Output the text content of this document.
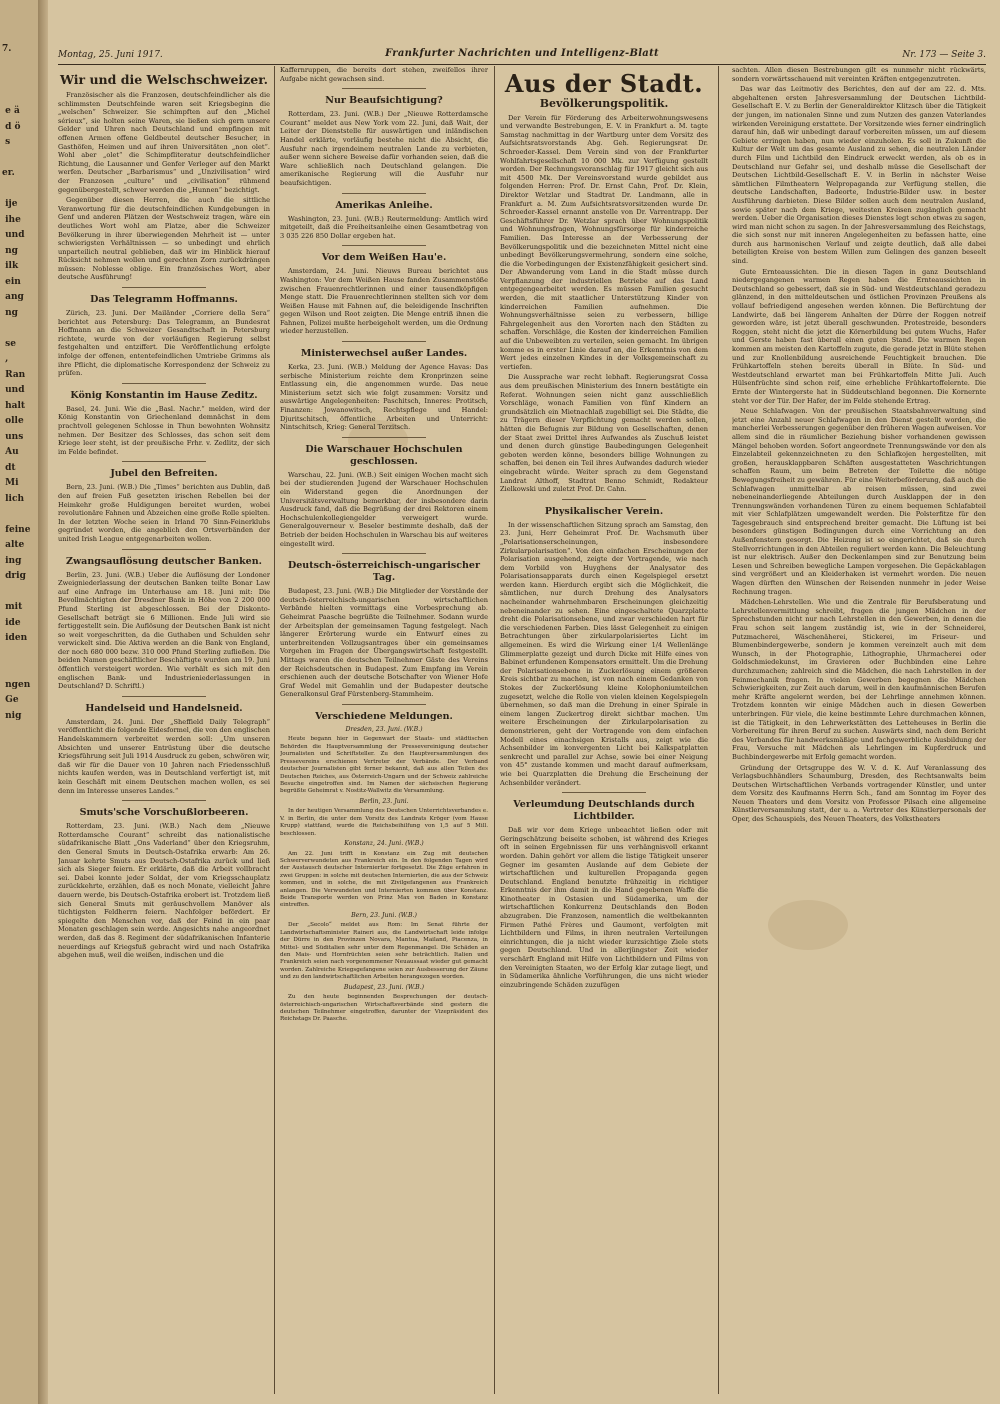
7.

e ä
d ö
s

er.

ije
ihe
und
ng
ilk
ein
ang
ng

se
,
Ran
und
halt
olle
uns
Au
dt
Mi
lich

feine
alte
ing
drig

mit
ide
iden

ngen
Ge
nig

Montag, 25. Juni 1917.	Frankfurter Nachrichten und Intelligenz-Blatt	Nr. 173 — Seite 3.
Wir und die Welschschweizer.

Französischer als die Franzosen, deutschfeindlicher als die schlimmsten Deutschfeinde waren seit Kriegsbeginn die „welschen“ Schweizer. Sie schimpften auf den „Michel sérieux“, sie holten seine Waren, sie ließen sich gern unsere Gelder und Uhren nach Deutschland und empfingen mit offenen Armen offene Geldbeutel deutscher Besucher, in Gasthöfen, Heimen und auf ihren Universitäten „non olet“. Wohl aber „olet“ die Schimpfliteratur deutschfeindlicher Richtung, die Lausanner und Genfer Verleger auf den Markt werfen. Deutscher „Barbarismus“ und „Unzivilisation“ wird der Franzosen „culture“ und „civilisation“ rühmend gegenübergestellt, schwer werden die „Hunnen“ bezichtigt.

Gegenüber diesen Herren, die auch die sittliche Veranwortung für die deutschfeindlichen Kundgebungen in Genf und anderen Plätzen der Westschweiz tragen, wäre ein deutliches Wort wohl am Platze, aber die Schweizer Bevölkerung in ihrer überwiegenden Mehrheit ist — unter schwierigsten Verhältnissen — so unbedingt und ehrlich unparteilich neutral geblieben, daß wir im Hinblick hierauf Rücksicht nehmen wollen und gerechten Zorn zurückdrängen müssen: Noblesse oblige. Ein französisches Wort, aber deutsche Ausführung!

Das Telegramm Hoffmanns.

Zürich, 23. Juni. Der Mailänder „Corriere della Sera“ berichtet aus Petersburg: Das Telegramm, an Bundesrat Hoffmann an die Schweizer Gesandtschaft in Petersburg richtete, wurde von der vorläufigen Regierung selbst festgehalten und entziffert. Die Veröffentlichung erfolgte infolge der offenen, ententefeindlichen Umtriebe Grimms als ihre Pflicht, die diplomatische Korrespondenz der Schweiz zu prüfen.

König Konstantin im Hause Zeditz.

Basel, 24. Juni. Wie die „Basl. Nachr.“ melden, wird der König Konstantin von Griechenland demnächst in dem prachtvoll gelegenen Schlosse in Thun bewohnten Wohnsitz nehmen. Der Besitzer des Schlosses, das schon seit dem Kriege leer steht, ist der preußische Frhr. v. Zedlitz, der sich im Felde befindet.

Jubel den Befreiten.

Bern, 23. Juni. (W.B.) Die „Times“ berichten aus Dublin, daß den auf freien Fuß gesetzten irischen Rebellen bei der Heimkehr große Huldigungen bereitet wurden, wobei revolutionäre Fahnen und Abzeichen eine große Rolle spielten. In der letzten Woche seien in Irland 70 Sinn-Feinerklubs gegründet worden, die angeblich den Ortsverbänden der united Irish League entgegenarbeiten wollen.

Zwangsauflösung deutscher Banken.

Berlin, 23. Juni. (W.B.) Ueber die Auflösung der Londoner Zweigniederlassung der deutschen Banken teilte Bonar Law auf eine Anfrage im Unterhause am 18. Juni mit: Die Bevollmächtigten der Dresdner Bank in Höhe von 2 200 000 Pfund Sterling ist abgeschlossen. Bei der Diskonto-Gesellschaft beträgt sie 6 Millionen. Ende Juli wird sie fertiggestellt sein. Die Auflösung der Deutschen Bank ist nicht so weit vorgeschritten, da die Guthaben und Schulden sehr verwickelt sind. Die Aktiva werden an die Bank von England, der noch 680 000 bezw. 310 000 Pfund Sterling zufließen. Die beiden Namen geschäftlicher Beschäftigte wurden am 19. Juni öffentlich versteigert worden. Wie verhält es sich mit den englischen Bank- und Industrieniederlassungen in Deutschland? D. Schriftl.)

Handelseid und Handelsneid.

Amsterdam, 24. Juni. Der „Sheffield Daily Telegraph“ veröffentlicht die folgende Eidesformel, die von den englischen Handelskammern verbreitet werden soll: „Um unseren Absichten und unserer Entrüstung über die deutsche Kriegsführung seit Juli 1914 Ausdruck zu geben, schwören wir, daß wir für die Dauer von 10 Jahren nach Friedensschluß nichts kaufen werden, was in Deutschland verfertigt ist, mit kein Geschäft mit einem Deutschen machen wollen, es sei denn im Interesse unseres Landes.“

Smuts'sche Vorschußlorbeeren.

Rotterdam, 23. Juni. (W.B.) Nach dem „Nieuwe Rotterdamsche Courant“ schreibt das nationalistische südafrikanische Blatt „Ons Vaderland“ über den Kriegsruhm, den General Smuts in Deutsch-Ostafrika erwarb: Am 26. Januar kehrte Smuts aus Deutsch-Ostafrika zurück und ließ sich als Sieger feiern. Er erklärte, daß die Arbeit vollbracht sei. Dabei konnte jeder Soldat, der vom Kriegsschauplatz zurückkehrte, erzählen, daß es noch Monate, vielleicht Jahre dauern werde, bis Deutsch-Ostafrika erobert ist. Trotzdem ließ sich General Smuts mit geräuschvollem Manöver als tüchtigsten Feldherrn feiern. Nachfolger befördert. Er spiegelte den Menschen vor, daß der Feind in ein paar Monaten geschlagen sein werde. Angesichts nahe angeordnet werden, daß das 8. Regiment der südafrikanischen Infanterie neuerdings auf Kriegsfuß gebracht wird und nach Ostafrika abgehen muß, weil die weißen, indischen und die

Kaffernruppen, die bereits dort stehen, zweifellos ihrer Aufgabe nicht gewachsen sind.

Nur Beaufsichtigung?

Rotterdam, 23. Juni. (W.B.) Der „Nieuwe Rotterdamsche Courant“ meldet aus New York vom 22. Juni, daß Wait, der Leiter der Dienststelle für auswärtigen und inländischen Handel erklärte, vorläufig bestehe nicht die Absicht, die Ausfuhr nach irgendeinem neutralen Lande zu verbieten, außer wenn sichere Beweise dafür vorhanden seien, daß die Ware schließlich nach Deutschland gelangen. Die amerikanische Regierung will die Ausfuhr nur beaufsichtigen.

Amerikas Anleihe.

Washington, 23. Juni. (W.B.) Reutermeldung: Amtlich wird mitgeteilt, daß die Freiheitsanleihe einen Gesamtbetrag von 3 035 226 850 Dollar ergeben hat.

Vor dem Weißen Hau'e.

Amsterdam, 24. Juni. Nieuws Bureau berichtet aus Washington: Vor dem Weißen Hause fanden Zusammenstöße zwischen Frauenrechtlerinnen und einer tausendköpfigen Menge statt. Die Frauenrechtlerinnen stellten sich vor dem Weißen Hause mit Fahnen auf, die beleidigende Inschriften gegen Wilson und Root zeigten. Die Menge entriß ihnen die Fahnen, Polizei mußte herbeigeholt werden, um die Ordnung wieder herzustellen.

Ministerwechsel außer Landes.

Kerka, 23. Juni. (W.B.) Meldung der Agence Havas: Das serbische Ministerium reichte dem Kronprinzen seine Entlassung ein, die angenommen wurde. Das neue Ministerium setzt sich wie folgt zusammen: Vorsitz und auswärtige Angelegenheiten: Paschitsch, Inneres: Protitsch, Finanzen: Jowanowitsch, Rechtspflege und Handel: Djuritschitsch, öffentliche Arbeiten und Unterricht: Nintschitsch, Krieg: General Terzitsch.

Die Warschauer Hochschulen geschlossen.

Warschau, 22. Juni. (W.B.) Seit einigen Wochen macht sich bei der studierenden Jugend der Warschauer Hochschulen ein Widerstand gegen die Anordnungen der Universitätsverwaltung bemerkbar, der insbesondere darin Ausdruck fand, daß die Begrüßung der drei Rektoren einem Hochschulenkollegiengelder verweigert wurde. Generalgouverneur v. Beseler bestimmte deshalb, daß der Betrieb der beiden Hochschulen in Warschau bis auf weiteres eingestellt wird.

Deutsch-österreichisch-ungarischer Tag.

Budapest, 23. Juni. (W.B.) Die Mitglieder der Vorstände der deutsch-österreichisch-ungarischen wirtschaftlichen Verbände hielten vormittags eine Vorbesprechung ab. Geheimrat Paasche begrüßte die Teilnehmer. Sodann wurde der Arbeitsplan der gemeinsamen Tagung festgelegt. Nach längerer Erörterung wurde ein Entwurf eines zu unterbreitenden Vollzugsantrages über ein gemeinsames Vorgehen im Fragen der Übergangswirtschaft festgestellt. Mittags waren die deutschen Teilnehmer Gäste des Vereins der Reichsdeutschen in Budapest. Zum Empfang im Verein erschienen auch der deutsche Botschafter von Wiener Hofe Graf Wedel mit Gemahlin und der Budapester deutsche Generalkonsul Graf Fürstenberg-Stammheim.

Verschiedene Meldungen.
Dresden, 23. Juni. (W.B.)

Heute begann hier in Gegenwart der Staats- und städtischen Behörden die Hauptversammlung der Pressevereinigung deutscher Journalisten und Schriftsteller. Zu den Hauptversammlungen des Pressevereins erschienen Vertreter der Verbände. Der Verband deutscher Journalisten gibt ferner bekannt, daß aus allen Teilen des Deutschen Reiches, aus Österreich-Ungarn und der Schweiz zahlreiche Besuche eingetroffen sind. Im Namen der sächsischen Regierung begrüßte Geheimrat v. Nostitz-Wallwitz die Versammlung.

Berlin, 23. Juni.

In der heutigen Versammlung des Deutschen Unterrichtsverbandes e. V. in Berlin, die unter dem Vorsitz des Landrats Kröger (vom Hause Krupp) stattfand, wurde die Reichsbeihilfung von 1,5 auf 5 Mill. beschlossen.

Konstanz, 24. Juni. (W.B.)

Am 22. Juni trifft in Konstanz ein Zug mit deutschen Schwerverwundeten aus Frankreich ein. In den folgenden Tagen wird der Austausch deutscher Internierter fortgesetzt. Die Züge erfahren in zwei Gruppen: in solche mit deutschen Internierten, die aus der Schweiz kommen, und in solche, die mit Zivilgefangenen aus Frankreich anlangen. Die Verwundeten und Internierten kommen über Konstanz. Beide Transporte werden von Prinz Max von Baden in Konstanz eintreffen.

Bern, 23. Juni. (W.B.)

Der „Secolo“ meldet aus Rom: Im Senat führte der Landwirtschaftsminister Raineri aus, die Landwirtschaft leide infolge der Dürre in den Provinzen Novara, Mantua, Mailand, Piacenza, in Mittel- und Süditalien sehr unter dem Regenmangel. Die Schäden an den Mais- und Hornfrüchten seien sehr beträchtlich. Italien und Frankreich seien nach vorgenommener Neuaussaat wieder gut gemacht worden. Zahlreiche Kriegsgefangene seien zur Ausbesserung der Zäune und zu den landwirtschaftlichen Arbeiten herangezogen worden.

Budapest, 23. Juni. (W.B.)

Zu den heute beginnenden Besprechungen der deutsch-österreichisch-ungarischen Wirtschaftsverbände sind gestern die deutschen Teilnehmer eingetroffen, darunter der Vizepräsident des Reichstags Dr. Paasche.

Aus der Stadt.
Bevölkerungspolitik.

Der Verein für Förderung des Arbeiterwohnungswesens und verwandte Bestrebungen, E. V. in Frankfurt a. M. tagte Samstag nachmittag in der Wartburg unter dem Vorsitz des Aufsichtsratsvorstands Abg. Geh. Regierungsrat Dr. Schroeder-Kassel. Dem Verein sind von der Frankfurter Wohlfahrtsgesellschaft 10 000 Mk. zur Verfügung gestellt worden. Der Rechnungsvoranschlag für 1917 gleicht sich aus mit 4500 Mk. Der Vereinsvorstand wurde gebildet aus folgenden Herren: Prof. Dr. Ernst Cahn, Prof. Dr. Klein, Direktor Wetzlar und Stadtrat Dr. Landmann, alle in Frankfurt a. M. Zum Aufsichtsratsvorsitzenden wurde Dr. Schroeder-Kassel ernannt anstelle von Dr. Varrentrapp. Der Geschäftsführer Dr. Wetzlar sprach über Wohnungspolitik und Wohnungsfragen, Wohnungsfürsorge für kinderreiche Familien. Das Interesse an der Verbesserung der Bevölkerungspolitik und die bezeichneten Mittel nicht eine unbedingt Bevölkerungsvermehrung, sondern eine solche, die die Vorbedingungen der Existenzfähigkeit gesichert sind. Der Abwanderung vom Land in die Stadt müsse durch Verpflanzung der industriellen Betriebe auf das Land entgegengearbeitet werden. Es müssen Familien gesucht werden, die mit staatlicher Unterstützung Kinder von kinderreichen Familien aufnehmen. Die Wohnungsverhältnisse seien zu verbessern, billige Fahrgelegenheit aus den Vororten nach den Städten zu schaffen. Vorschläge, die Kosten der kinderreichen Familien auf die Unbeweibten zu verteilen, seien gemacht. Im übrigen komme es in erster Linie darauf an, die Erkenntnis von dem Wert jedes einzelnen Kindes in der Volksgemeinschaft zu vertiefen.

Die Aussprache war recht lebhaft. Regierungsrat Cossa aus dem preußischen Ministerium des Innern bestätigte ein Referat. Wohnungen seien nicht ganz ausschließlich Vorschläge, wonach Familien von fünf Kindern an grundsätzlich ein Mietnachlaß zugebilligt sei. Die Städte, die zu Trägern dieser Verpflichtung gemacht werden sollen, hätten die Befugnis zur Bildung von Gesellschaften, denen der Staat zwei Drittel ihres Aufwandes als Zuschuß leistet und denen durch günstige Baubedingungen Gelegenheit geboten werden könne, besonders billige Wohnungen zu schaffen, bei denen ein Teil ihres Aufwandes dadurch wieder eingebracht würde. Weiter sprach zu dem Gegenstand Landrat Althoff, Stadtrat Benno Schmidt, Redakteur Zielkowski und zuletzt Prof. Dr. Cahn.

Physikalischer Verein.

In der wissenschaftlichen Sitzung sprach am Samstag, den 23. Juni, Herr Geheimrat Prof. Dr. Wachsmuth über „Polarisationserscheinungen, insbesondere Zirkularpolarisation“. Von den einfachen Erscheinungen der Polarisation ausgehend, zeigte der Vortragende, wie nach dem Vorbild von Huyghens der Analysator des Polarisationsapparats durch einen Kegelspiegel ersetzt werden kann. Hierdurch ergibt sich die Möglichkeit, die sämtlichen, nur durch Drehung des Analysators nacheinander wahrnehmbaren Erscheinungen gleichzeitig nebeneinander zu sehen. Eine eingeschaltete Quarzplatte dreht die Polarisationsebene, und zwar verschieden hart für die verschiedenen Farben. Dies lässt Gelegenheit zu einigen Betrachtungen über zirkularpolarisiertes Licht im allgemeinen. Es wird die Wirkung einer 1/4 Wellenlänge Glimmerplatte gezeigt und durch Dicke mit Hilfe eines von Babinet erfundenen Kompensators ermittelt. Um die Drehung der Polarisationsebene in Zuckerlösung einem größeren Kreis sichtbar zu machen, ist von nach einem Gedanken von Stokes der Zuckerlösung kleine Kolophoniumteilchen zugesetzt, welche die Rolle von vielen kleinen Kegelspiegeln übernehmen, so daß man die Drehung in einer Spirale in einem langen Zuckertrog direkt sichtbar machen. Um weitere Erscheinungen der Zirkularpolarisation zu demonstrieren, geht der Vortragende von dem einfachen Modell eines einachsigen Kristalls aus, zeigt wie die Achsenbilder im konvergenten Licht bei Kalkspatplatten senkrecht und parallel zur Achse, sowie bei einer Neigung von 45° zustande kommen und macht darauf aufmerksam, wie bei Quarzplatten die Drehung die Erscheinung der Achsenbilder verändert.

Verleumdung Deutschlands durch Lichtbilder.

Daß wir vor dem Kriege unbeachtet ließen oder mit Geringschätzung beiseite schoben, ist während des Krieges oft in seinen Ergebnissen für uns verhängnisvoll erkannt worden. Dahin gehört vor allem die listige Tätigkeit unserer Gegner im gesamten Auslande auf dem Gebiete der wirtschaftlichen und kulturellen Propaganda gegen Deutschland. England benutzte frühzeitig in richtiger Erkenntnis der ihm damit in die Hand gegebenen Waffe die Kinotheater in Ostasien und Südamerika, um der wirtschaftlichen Konkurrenz Deutschlands den Boden abzugraben. Die Franzosen, namentlich die weltbekannten Firmen Pathé Frères und Gaumont, verfolgten mit Lichtbildern und Films, in ihren neutralen Verteilungen einrichtungen, die ja nicht wieder kurzsichtige Ziele stets gegen Deutschland. Und in allerjüngster Zeit wieder verschärft England mit Hilfe von Lichtbildern und Films von den Vereinigten Staaten, wo der Erfolg klar zutage liegt, und in Südamerika ähnliche Vorführungen, die uns nicht wieder einzubringende Schäden zuzufügen

sachten. Allen diesen Bestrebungen gilt es nunmehr nicht rückwärts, sondern vorwärtsschauend mit vereinten Kräften entgegenzutreten.

Das war das Leitmotiv des Berichtes, den auf der am 22. d. Mts. abgehaltenen ersten Jahresversammlung der Deutschen Lichtbild-Gesellschaft E. V. zu Berlin der Generaldirektor Klitzsch über die Tätigkeit der jungen, im nationalen Sinne und zum Nutzen des ganzen Vaterlandes wirkenden Vereinigung erstattete. Der Vorsitzende wies ferner eindringlich darauf hin, daß wir unbedingt darauf vorbereiten müssen, um auf diesem Gebiete erringen haben, nun wieder einzuholen. Es soll in Zukunft die Kultur der Welt um das gesamte Ausland zu sehen, die neutralen Länder durch Film und Lichtbild den Eindruck erweckt werden, als ob es in Deutschland nur Gefahr sei, und deshalb müsse die Gesellschaft der Deutschen Lichtbild-Gesellschaft E. V. in Berlin in nächster Weise sämtlichen Filmtheatern Welpropaganda zur Verfügung stellen, die deutsche Landschaften, Badeorte, Industrie-Bilder usw. in bester Ausführung darbieten. Diese Bilder sollen auch dem neutralen Ausland, sowie später nach dem Kriege, weitesten Kreisen zugänglich gemacht werden. Ueber die Organisation dieses Dienstes legt schon etwas zu sagen, wird man nicht schon zu sagen. In der Jahresversammlung des Reichstags, die sich sonst nur mit inneren Angelegenheiten zu befassen hatte, eine durch aus harmonischen Verlauf und zeigte deutlich, daß alle dabei beteiligten Kreise von bestem Willen zum Gelingen des ganzen beseelt sind.

Gute Ernteaussichten. Die in diesen Tagen in ganz Deutschland niedergegangenen warmen Regen haben die Ernteaussichten in Deutschland so gebessert, daß sie in Süd- und Westdeutschland geradezu glänzend, in den mitteldeutschen und östlichen Provinzen Preußens als vollauf befriedigend angesehen werden können. Die Befürchtung der Landwirte, daß bei längerem Anhalten der Dürre der Roggen notreif geworden wäre, ist jetzt überall geschwunden. Protestreide, besonders Roggen, steht nicht die jetzt die Körnerbildung bei gutem Wuchs, Hafer und Gerste haben fast überall einen guten Stand. Die warmen Regen kommen am meisten den Kartoffeln zugute, die gerade jetzt in Blüte stehen und zur Knollenbildung ausreichende Feuchtigkeit brauchen. Die Frühkartoffeln stehen bereits überall in Blüte. In Süd- und Westdeutschland erwartet man bei Frühkartoffeln Mitte Juli. Auch Hülsenfrüchte sind schon reif, eine erhebliche Frühkartoffelernte. Die Ernte der Wintergerste hat in Süddeutschland begonnen. Die Kornernte steht vor der Tür. Der Hafer, der im Felde stehende Ertrag.

Neue Schlafwagen. Von der preußischen Staatsbahnverwaltung sind jetzt eine Anzahl neuer Schlafwagen in den Dienst gestellt worden, die mancherlei Verbesserungen gegenüber den früheren Wagen aufweisen. Vor allem sind die in räumlicher Beziehung bisher vorhandenen gewissen Mängel behoben worden. Sofort angeordnete Trennungswände vor den als Einzelabteil gekennzeichneten zu den Schlafkojen hergestellten, mit großen, herausklappbaren Schäften ausgestatteten Waschrichtungen schaffen Raum, um beim Betreten der Toilette die nötige Bewegungsfreiheit zu gewähren. Für eine Weiterbeförderung, daß auch die Schlafwagen unmittelbar ab reisen müssen, sind zwei nebeneinanderliegende Abteilungen durch Ausklappen der in den Trennungswänden vorhandenen Türen zu einem bequemen Schlafabteil mit vier Schlafplätzen umgewandelt werden. Die Polsterfitze für den Tagesgebrauch sind entsprechend breiter gemacht. Die Lüftung ist bei besonders günstigen Bedingungen durch eine Vorrichtung an den Außenfenstern gesorgt. Die Heizung ist so eingerichtet, daß sie durch Stellvorrichtungen in den Abteilen reguliert werden kann. Die Beleuchtung ist nur elektrisch. Außer den Deckenlampen sind zur Benutzung beim Lesen und Schreiben bewegliche Lampen vorgesehen. Die Gepäckablagen sind vergrößert und an Kleiderhaken ist vermehrt worden. Die neuen Wagen dürften den Wünschen der Reisenden nunmehr in jeder Weise Rechnung tragen.

Mädchen-Lehrstellen. Wie und die Zentrale für Berufsberatung und Lehrstellenvermittlung schreibt, fragen die jungen Mädchen in der Sprechstunden nicht nur nach Lehrstellen in den Gewerben, in denen die Frau schon seit langem zuständig ist, wie in der Schneiderei, Putzmacherei, Wäschenäherei, Stickerei, im Friseur- und Blumenbindergewerbe, sondern je kommen vereinzelt auch mit dem Wunsch, in der Photographie, Lithographie, Uhrmacherei oder Goldschmiedekunst, im Gravieren oder Buchbinden eine Lehre durchzumachen; zahlreich sind die Mädchen, die nach Lehrstellen in der Feinmechanik fragen. In vielen Gewerben begegnen die Mädchen Schwierigkeiten, zur Zeit auch darum, weil in den kaufmännischen Berufen mehr Kräfte angelernt werden, bei der Lehrlinge annehmen können. Trotzdem konnten wir einige Mädchen auch in diesen Gewerben unterbringen. Für viele, die keine bestimmte Lehre durchmachen können, ist die Tätigkeit, in den Lehrwerkstätten des Letteheuses in Berlin die Vorbereitung für ihren Beruf zu suchen. Auswärts sind, nach dem Bericht des Verbandes für handwerksmäßige und fachgewerbliche Ausbildung der Frau, Versuche mit Mädchen als Lehrlingen im Kupferdruck und Buchbindergewerbe mit Erfolg gemacht worden.

Gründung der Ortsgruppe des W. V. d. K. Auf Veranlassung des Verlagsbuchhändlers Schaumburg, Dresden, des Rechtsanwalts beim Deutschen Wirtschaftlichen Verbands vortragender Künstler, und unter dem Vorsitz des Kaufmanns Herrn Sch., fand am Sonntag im Foyer des Neuen Theaters und dem Vorsitz von Professor Pilsach eine allgemeine Künstlerversammlung statt, der u. a. Vertreter des Künstlerpersonals der Oper, des Schauspiels, des Neuen Theaters, des Volkstheaters
